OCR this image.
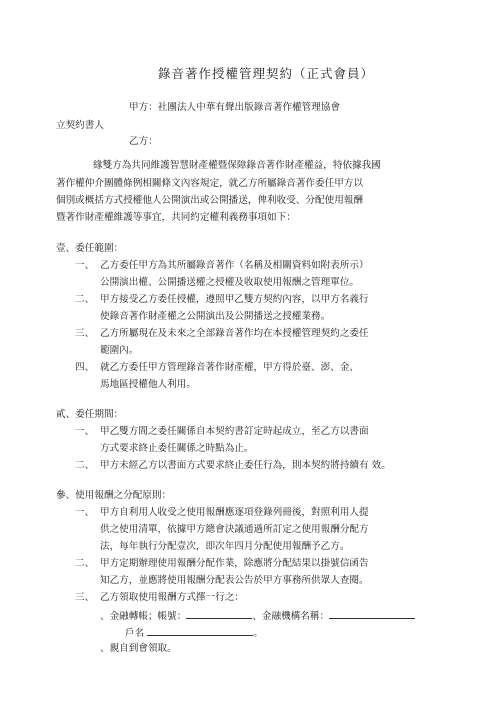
錄音著作授權管理契約（正式會員）
甲方：社團法人中華有聲出版錄音著作權管理協會
立契約書人
乙方：
緣雙方為共同維護智慧財產權暨保障錄音著作財產權益，特依據我國
著作權仲介團體條例相關條文內容規定，就乙方所屬錄音著作委任甲方以
個別或概括方式授權他人公開演出或公開播送，俾利收受、分配使用報酬
暨著作財產權維護等事宜，共同約定權利義務事項如下：
壹、委任範圍：
一、 乙方委任甲方為其所屬錄音著作（名稱及相關資料如附表所示）
公開演出權、公開播送權之授權及收取使用報酬之管理單位。
二、 甲方接受乙方委任授權，遵照甲乙雙方契約內容，以甲方名義行
使錄音著作財產權之公開演出及公開播送之授權業務。
三、 乙方所屬現在及未來之全部錄音著作均在本授權管理契約之委任
範圍內。
四、 就乙方委任甲方管理錄音著作財產權，甲方得於臺、澎、金、
馬地區授權他人利用。
貳、委任期間：
一、 甲乙雙方間之委任關係自本契約書訂定時起成立，至乙方以書面
方式要求終止委任關係之時點為止。
二、 甲方未經乙方以書面方式要求終止委任行為，則本契約將持續有 效。
參、使用報酬之分配原則：
一、 甲方自利用人收受之使用報酬應逐項登錄列冊後，對照利用人提
供之使用清單，依據甲方總會決議通過所訂定之使用報酬分配方
法，每年執行分配壹次，即次年四月分配使用報酬予乙方。
二、 甲方定期辦理使用報酬分配作業，除應將分配結果以掛號信函告
知乙方，並應將使用報酬分配表公告於甲方事務所供眾人查閱。
三、 乙方領取使用報酬方式擇一行之：
、金融轉帳；帳號：	、金融機構名稱：
戶名	。
、親自到會領取。
